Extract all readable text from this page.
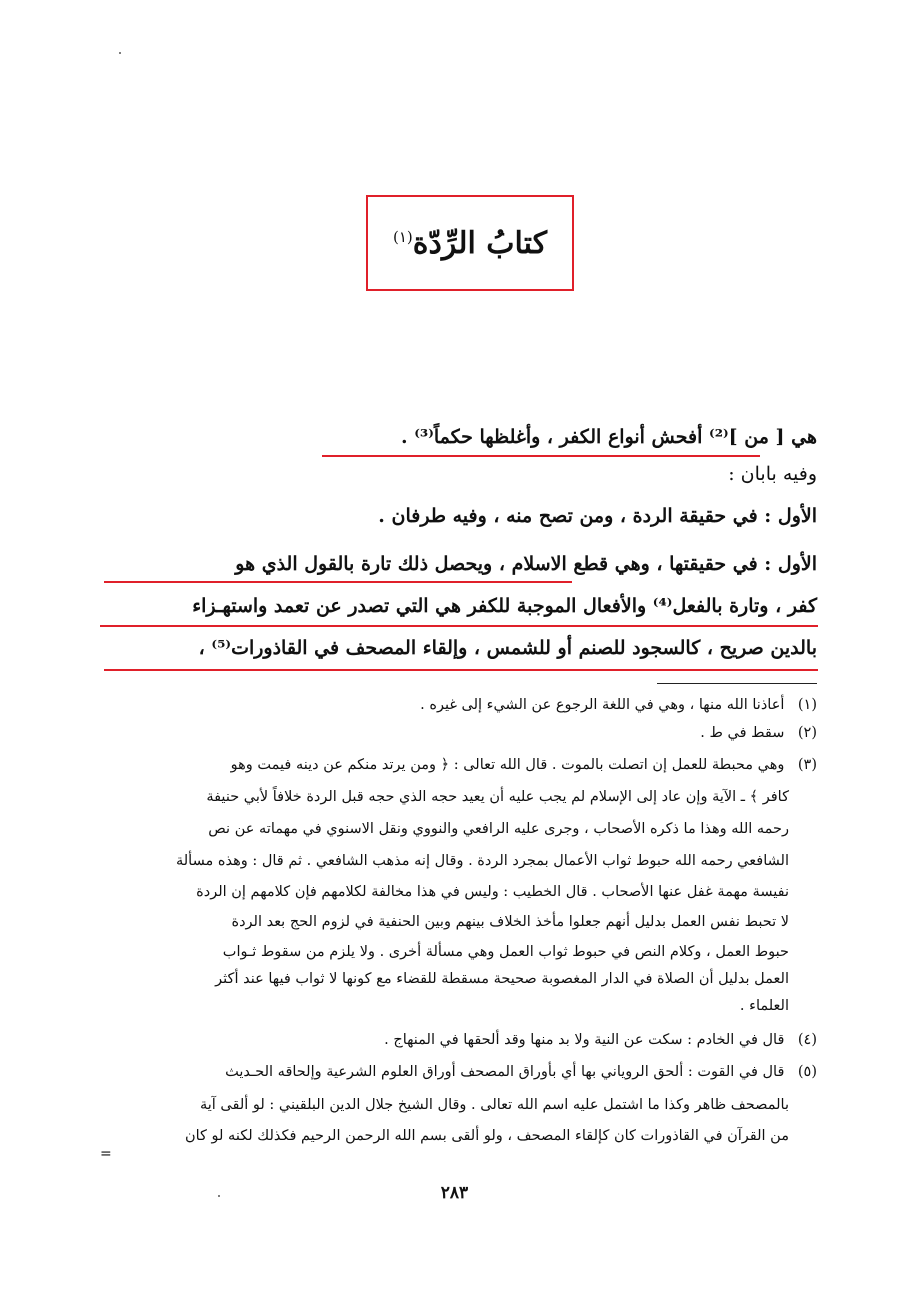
كتابُ الرِّدّة$^{(١)}$
هي [ من ]⁽²⁾ أفحش أنواع الكفر ، وأغلظها حكماً⁽³⁾ .
وفيه بابان :
الأول : في حقيقة الردة ، ومن تصح منه ، وفيه طرفان .
الأول : في حقيقتها ، وهي قطع الاسلام ، ويحصل ذلك تارة بالقول الذي هو
كفر ، وتارة بالفعل⁽⁴⁾ والأفعال الموجبة للكفر هي التي تصدر عن تعمد واستهـزاء
بالدين صريح ، كالسجود للصنم أو للشمس ، وإلقاء المصحف في القاذورات⁽⁵⁾ ،
(١) أعاذنا الله منها ، وهي في اللغة الرجوع عن الشيء إلى غيره .
(٢) سقط في ط .
(٣) وهي محبطة للعمل إن اتصلت بالموت . قال الله تعالى : ﴿ ومن يرتد منكم عن دينه فيمت وهو
كافر ﴾ ـ الآية وإن عاد إلى الإسلام لم يجب عليه أن يعيد حجه الذي حجه قبل الردة خلافاً لأبي حنيفة
رحمه الله وهذا ما ذكره الأصحاب ، وجرى عليه الرافعي والنووي ونقل الاسنوي في مهماته عن نص
الشافعي رحمه الله حبوط ثواب الأعمال بمجرد الردة . وقال إنه مذهب الشافعي . ثم قال : وهذه مسألة
نفيسة مهمة غفل عنها الأصحاب . قال الخطيب : وليس في هذا مخالفة لكلامهم فإن كلامهم إن الردة
لا تحبط نفس العمل بدليل أنهم جعلوا مأخذ الخلاف بينهم وبين الحنفية في لزوم الحج بعد الردة
حبوط العمل ، وكلام النص في حبوط ثواب العمل وهي مسألة أخرى . ولا يلزم من سقوط ثـواب
العمل بدليل أن الصلاة في الدار المغصوبة صحيحة مسقطة للقضاء مع كونها لا ثواب فيها عند أكثر
العلماء .
(٤) قال في الخادم : سكت عن النية ولا بد منها وقد ألحقها في المنهاج .
(٥) قال في القوت : ألحق الروياني بها أي بأوراق المصحف أوراق العلوم الشرعية وإلحاقه الحـديث
بالمصحف ظاهر وكذا ما اشتمل عليه اسم الله تعالى . وقال الشيخ جلال الدين البلقيني : لو ألقى آية
من القرآن في القاذورات كان كإلقاء المصحف ، ولو ألقى بسم الله الرحمن الرحيم فكذلك لكنه لو كان
=
٢٨٣
